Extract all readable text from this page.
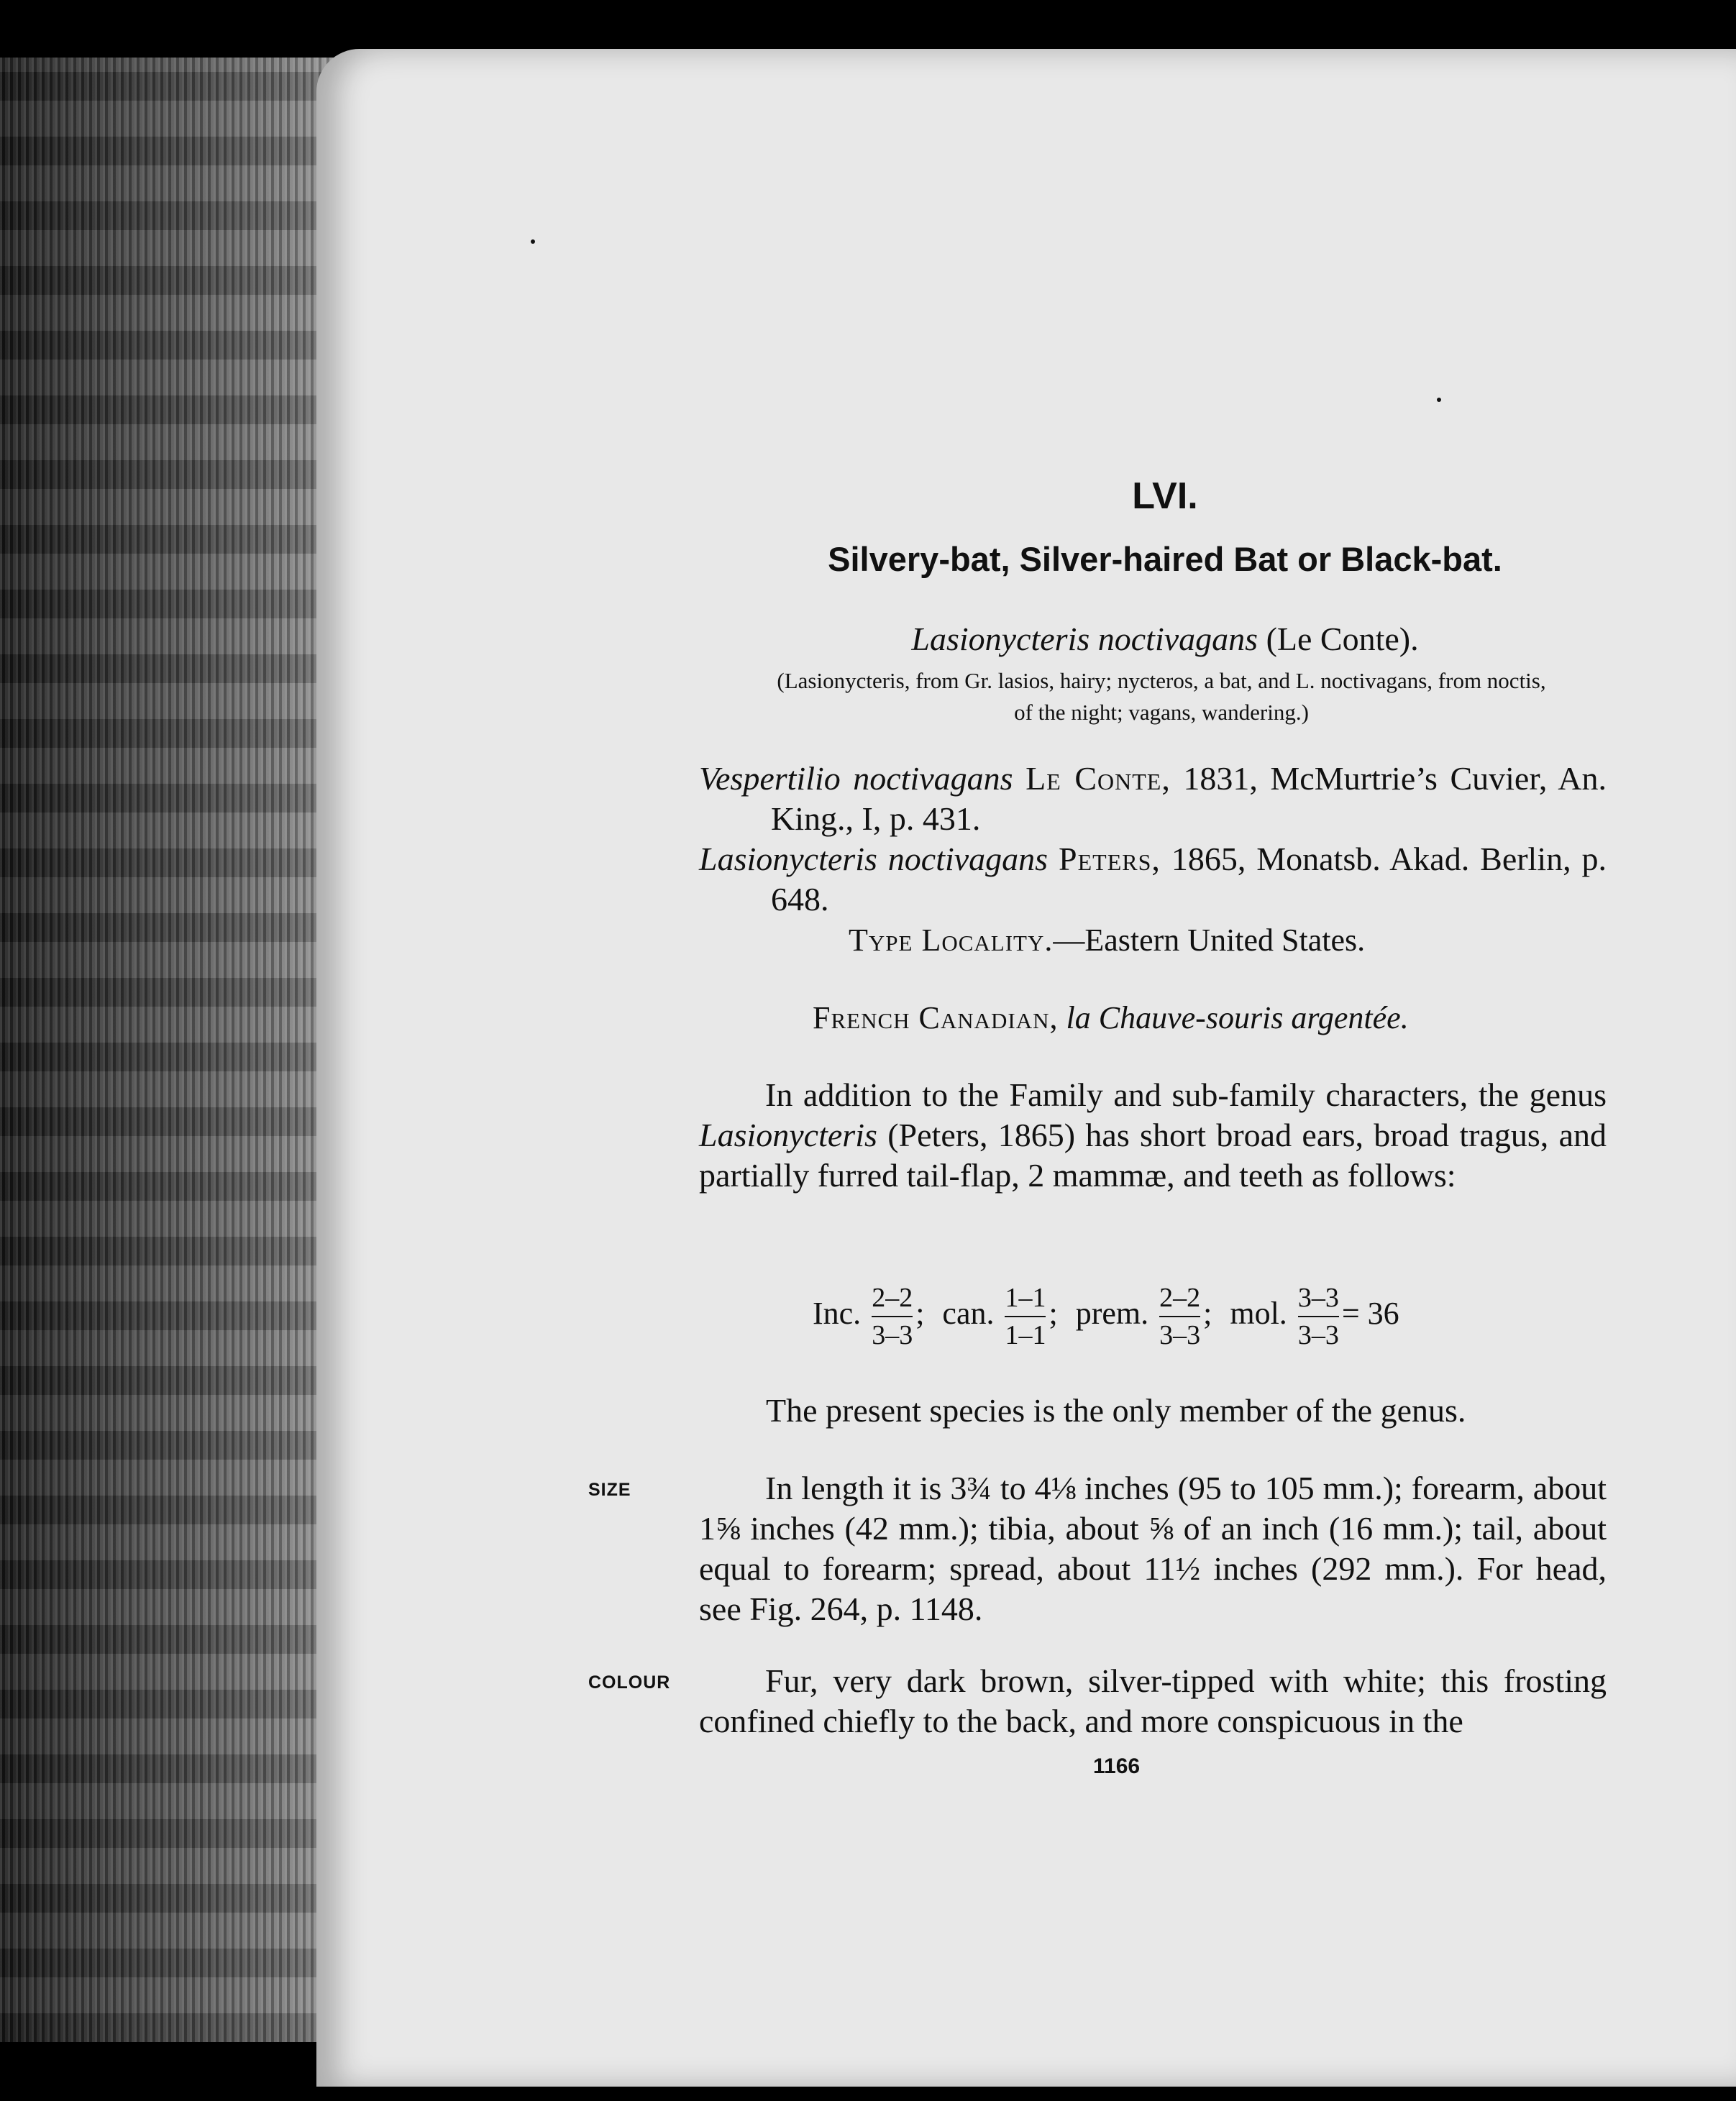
LVI.
Silvery-bat, Silver-haired Bat or Black-bat.
Lasionycteris noctivagans (Le Conte).
(Lasionycteris, from Gr. lasios, hairy; nycteros, a bat, and L. noctivagans, from noctis,
of the night; vagans, wandering.)

Vespertilio noctivagans Le Conte, 1831, McMurtrie’s Cuvier, An. King., I, p. 431.

Lasionycteris noctivagans Peters, 1865, Monatsb. Akad. Berlin, p. 648.

Type Locality.—Eastern United States.
French Canadian, la Chauve-souris argentée.
In addition to the Family and sub-family characters, the genus Lasionycteris (Peters, 1865) has short broad ears, broad tragus, and partially furred tail-flap, 2 mammæ, and teeth as follows:
Inc. $\frac{2-2}{3-3}$ ; can. $\frac{1-1}{1-1}$ ; prem. $\frac{2-2}{3-3}$ ; mol. $\frac{3-3}{3-3} = 36$
The present species is the only member of the genus.
SIZE	In length it is 3¾ to 4⅛ inches (95 to 105 mm.); forearm, about 1⅝ inches (42 mm.); tibia, about ⅝ of an inch (16 mm.); tail, about equal to forearm; spread, about 11½ inches (292 mm.). For head, see Fig. 264, p. 1148.
COLOUR	Fur, very dark brown, silver-tipped with white; this frosting confined chiefly to the back, and more conspicuous in the
1166
